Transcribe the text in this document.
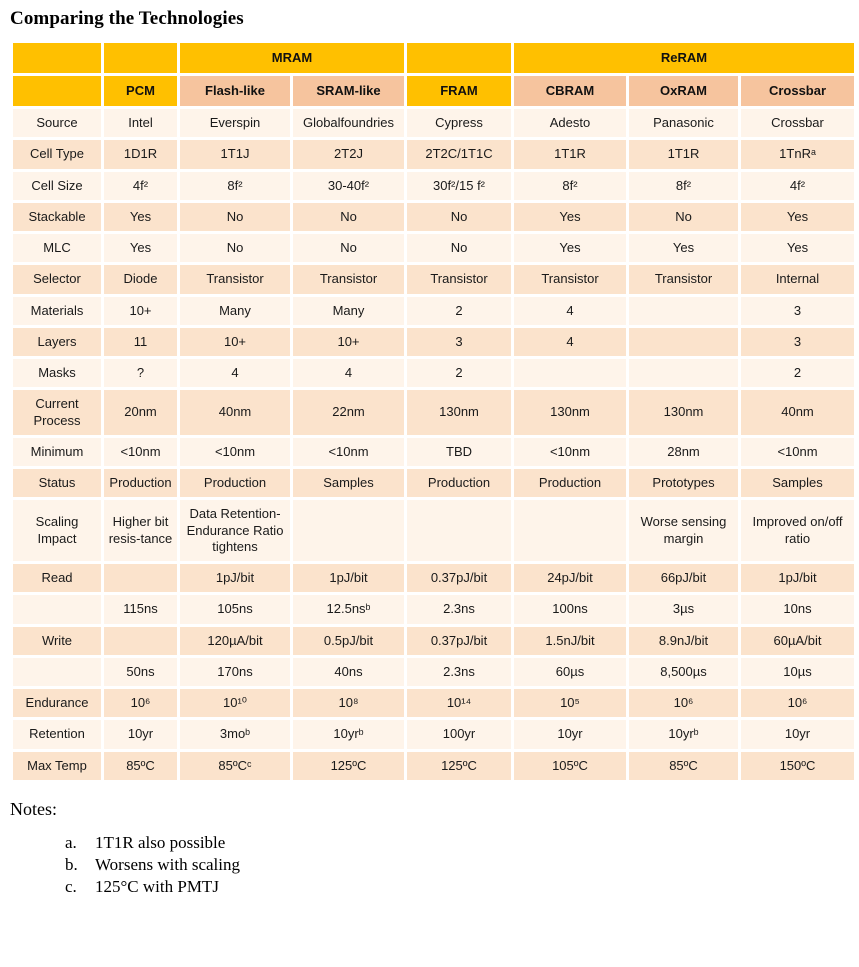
Comparing the Technologies
		MRAM			ReRAM		
	PCM	Flash-like	SRAM-like	FRAM	CBRAM	OxRAM	Crossbar
Source	Intel	Everspin	Globalfoundries	Cypress	Adesto	Panasonic	Crossbar
Cell Type	1D1R	1T1J	2T2J	2T2C/1T1C	1T1R	1T1R	1TnRᵃ
Cell Size	4f²	8f²	30-40f²	30f²/15 f²	8f²	8f²	4f²
Stackable	Yes	No	No	No	Yes	No	Yes
MLC	Yes	No	No	No	Yes	Yes	Yes
Selector	Diode	Transistor	Transistor	Transistor	Transistor	Transistor	Internal
Materials	10+	Many	Many	2	4		3
Layers	11	10+	10+	3	4		3
Masks	?	4	4	2			2
Current Process	20nm	40nm	22nm	130nm	130nm	130nm	40nm
Minimum	<10nm	<10nm	<10nm	TBD	<10nm	28nm	<10nm
Status	Production	Production	Samples	Production	Production	Prototypes	Samples
Scaling Impact	Higher bit resis-tance	Data Retention-Endurance Ratio tightens				Worse sensing margin	Improved on/off ratio
Read		1pJ/bit	1pJ/bit	0.37pJ/bit	24pJ/bit	66pJ/bit	1pJ/bit
	115ns	105ns	12.5nsᵇ	2.3ns	100ns	3µs	10ns
Write		120µA/bit	0.5pJ/bit	0.37pJ/bit	1.5nJ/bit	8.9nJ/bit	60µA/bit
	50ns	170ns	40ns	2.3ns	60µs	8,500µs	10µs
Endurance	10⁶	10¹⁰	10⁸	10¹⁴	10⁵	10⁶	10⁶
Retention	10yr	3moᵇ	10yrᵇ	100yr	10yr	10yrᵇ	10yr
Max Temp	85ºC	85ºCᶜ	125ºC	125ºC	105ºC	85ºC	150ºC
Notes:
a. 1T1R also possible
b. Worsens with scaling
c. 125°C with PMTJ
